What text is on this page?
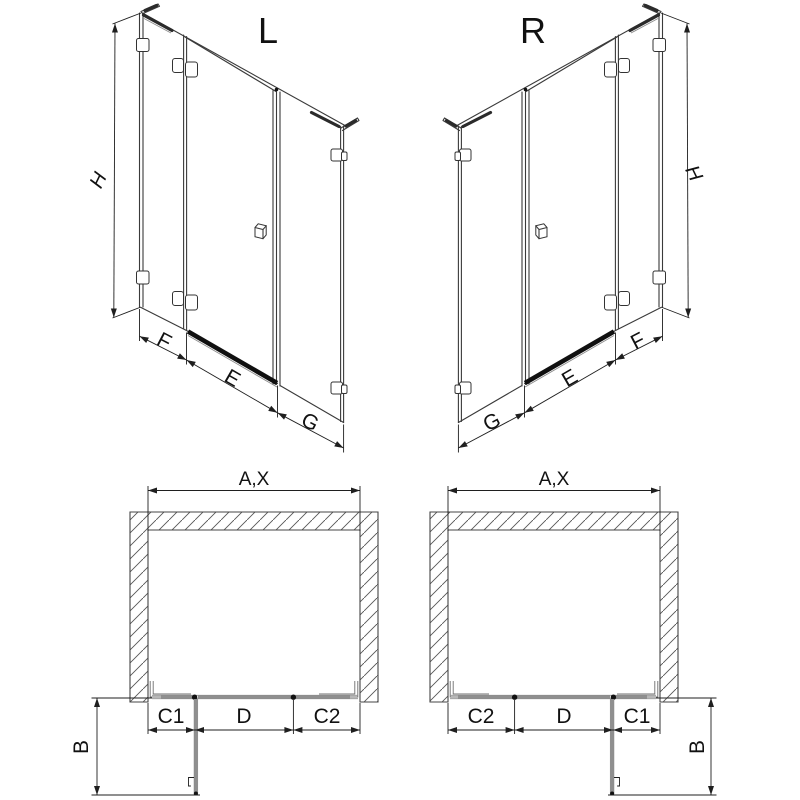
L	R
H	H
F
E
G
F
E
G
A,X	A,X
C1 D	C2	C2	D C1
B	B
